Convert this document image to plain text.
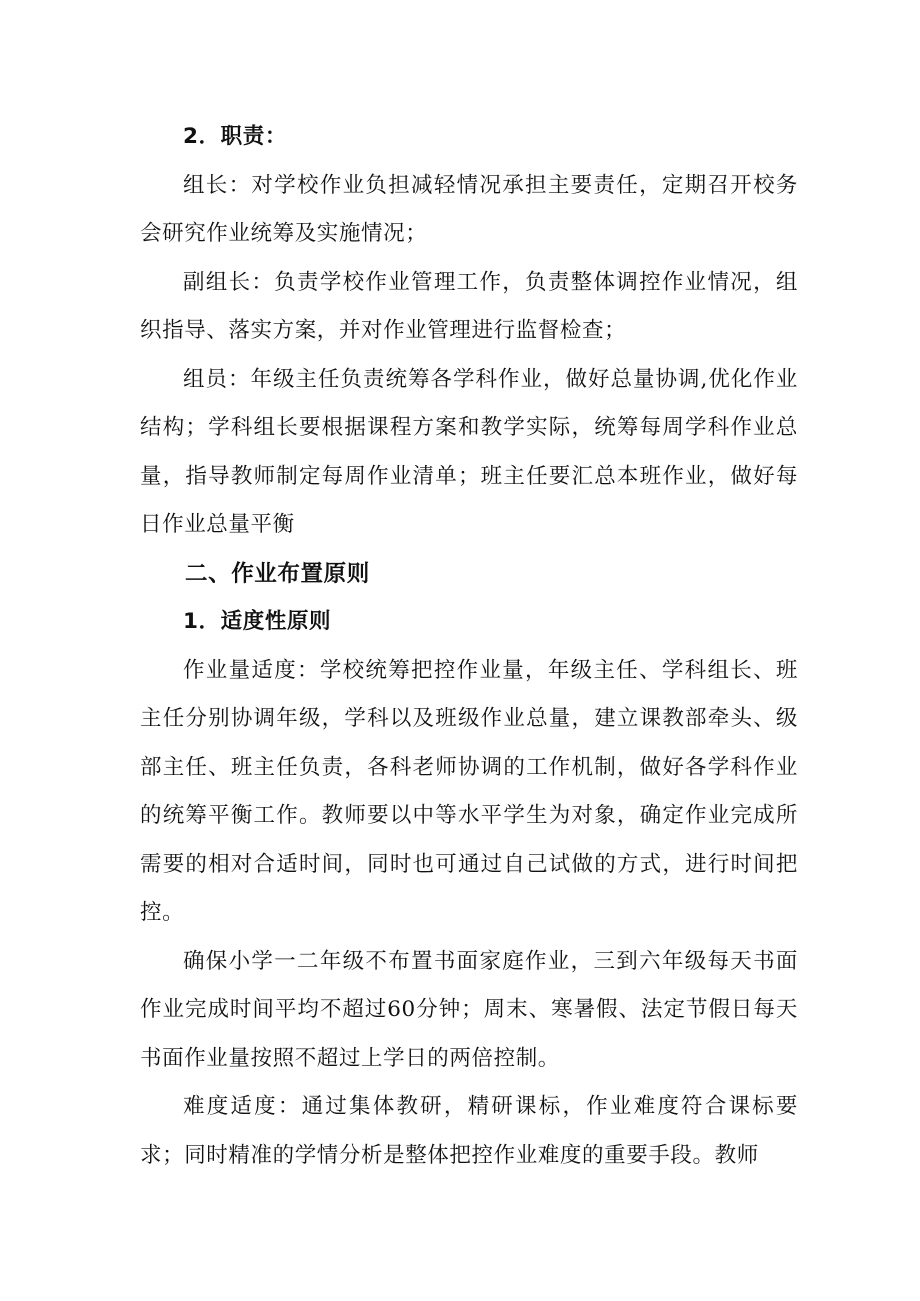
2．职责：

组长：对学校作业负担减轻情况承担主要责任，定期召开校务会研究作业统筹及实施情况；

副组长：负责学校作业管理工作，负责整体调控作业情况，组织指导、落实方案，并对作业管理进行监督检查；

组员：年级主任负责统筹各学科作业，做好总量协调,优化作业结构；学科组长要根据课程方案和教学实际，统筹每周学科作业总量，指导教师制定每周作业清单；班主任要汇总本班作业，做好每日作业总量平衡

二、作业布置原则

1．适度性原则

作业量适度：学校统筹把控作业量，年级主任、学科组长、班主任分别协调年级，学科以及班级作业总量，建立课教部牵头、级部主任、班主任负责，各科老师协调的工作机制，做好各学科作业的统筹平衡工作。教师要以中等水平学生为对象，确定作业完成所需要的相对合适时间，同时也可通过自己试做的方式，进行时间把控。

确保小学一二年级不布置书面家庭作业，三到六年级每天书面作业完成时间平均不超过60分钟；周末、寒暑假、法定节假日每天书面作业量按照不超过上学日的两倍控制。

难度适度：通过集体教研，精研课标，作业难度符合课标要求；同时精准的学情分析是整体把控作业难度的重要手段。教师
